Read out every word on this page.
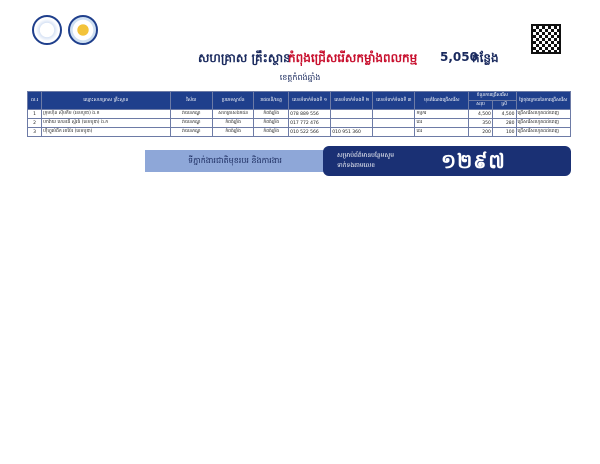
សហគ្រាស គ្រឹះស្ថាន
កំពុងជ្រើសរើសកម្លាំងពលកម្ម 5,050
កន្លែង
ខេត្តកំពង់ឆ្នាំង
ល.រ	ឈ្មោះសហគ្រាស គ្រឹះស្ថាន	វិស័យ	ប្រភេទស្ថាប័ន	រាជធានី/ខេត្ត	លេខទំនាក់ទំនងទី ១	លេខទំនាក់ទំនងទី ២	លេខទំនាក់ទំនងទី ៣	មុខតំណែងជ្រើសរើស	ចំនួនការជ្រើសរើស		ថ្ងៃចុងក្រោយនៃការជ្រើសរើស
									សរុប	ស្រី	
1	ក្រុមហ៊ុន ស៊ីមកឺម (ខេមបូឌា) ឯ.ក	វាយនភណ្ឌ	សហគ្រាសឯកជន	កំពង់ឆ្នាំង	078 889 556			កម្មករ	4,500	4,500	ជ្រើសរើសរហូតដល់ពេញ
2	ហាវ៉ាយ ហេនធើ ស្ព័រធ៍ (ខេមបូឌា) ឯ.ក	វាយនភណ្ឌ	កំពង់ឆ្នាំង	កំពង់ឆ្នាំង	017 772 476			ដេរ	350	280	ជ្រើសរើសរហូតដល់ពេញ
3	ហ៊ីហ្វូម៉េជីក អាប៉ែរ (ខេមបូឌា)	វាយនភណ្ឌ	កំពង់ឆ្នាំង	កំពង់ឆ្នាំង	010 522 566	010 951 360		ដេរ	200	100	ជ្រើសរើសរហូតដល់ពេញ
ទីភ្នាក់ងារជាតិមុខរបរ និងការងារ
សម្រាប់ព័ត៌មានបន្ថែមសូម
ទាក់ទងតាមលេខ	១២៩៧
